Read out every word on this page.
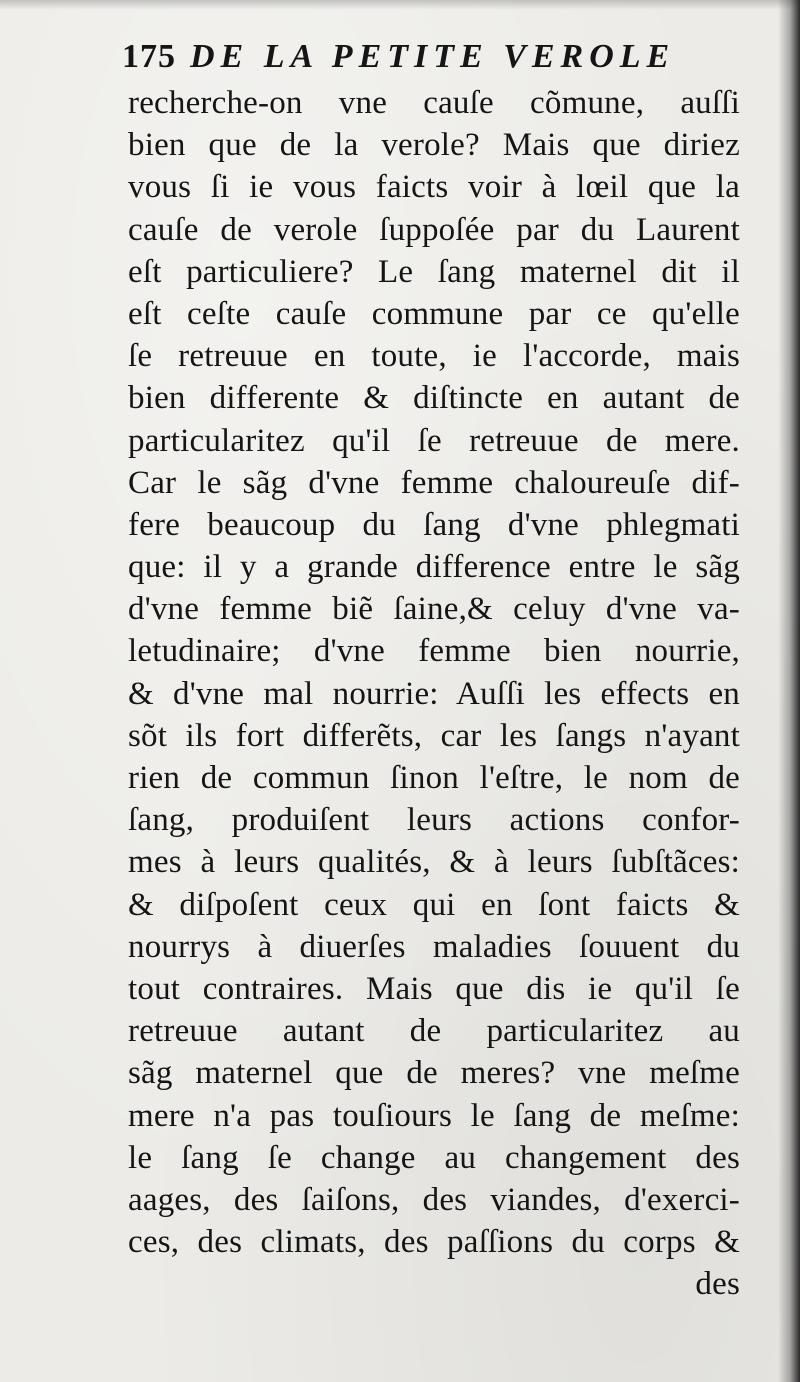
175 DE LA PETITE VEROLE
recherche-on vne cauſe cõmune, auſſi
bien que de la verole? Mais que diriez
vous ſi ie vous faicts voir à lœil que la
cauſe de verole ſuppoſée par du Laurent
eſt particuliere? Le ſang maternel dit il
eſt ceſte cauſe commune par ce qu'elle
ſe retreuue en toute, ie l'accorde, mais
bien differente & diſtincte en autant de
particularitez qu'il ſe retreuue de mere.
Car le sãg d'vne femme chaloureuſe dif-
fere beaucoup du ſang d'vne phlegmati
que: il y a grande difference entre le sãg
d'vne femme biẽ ſaine,& celuy d'vne va-
letudinaire; d'vne femme bien nourrie,
& d'vne mal nourrie: Auſſi les effects en
sõt ils fort differẽts, car les ſangs n'ayant
rien de commun ſinon l'eſtre, le nom de
ſang, produiſent leurs actions confor-
mes à leurs qualités, & à leurs ſubſtãces:
& diſpoſent ceux qui en ſont faicts &
nourrys à diuerſes maladies ſouuent du
tout contraires. Mais que dis ie qu'il ſe
retreuue autant de particularitez au
sãg maternel que de meres? vne meſme
mere n'a pas touſiours le ſang de meſme:
le ſang ſe change au changement des
aages, des ſaiſons, des viandes, d'exerci-
ces, des climats, des paſſions du corps &
des
